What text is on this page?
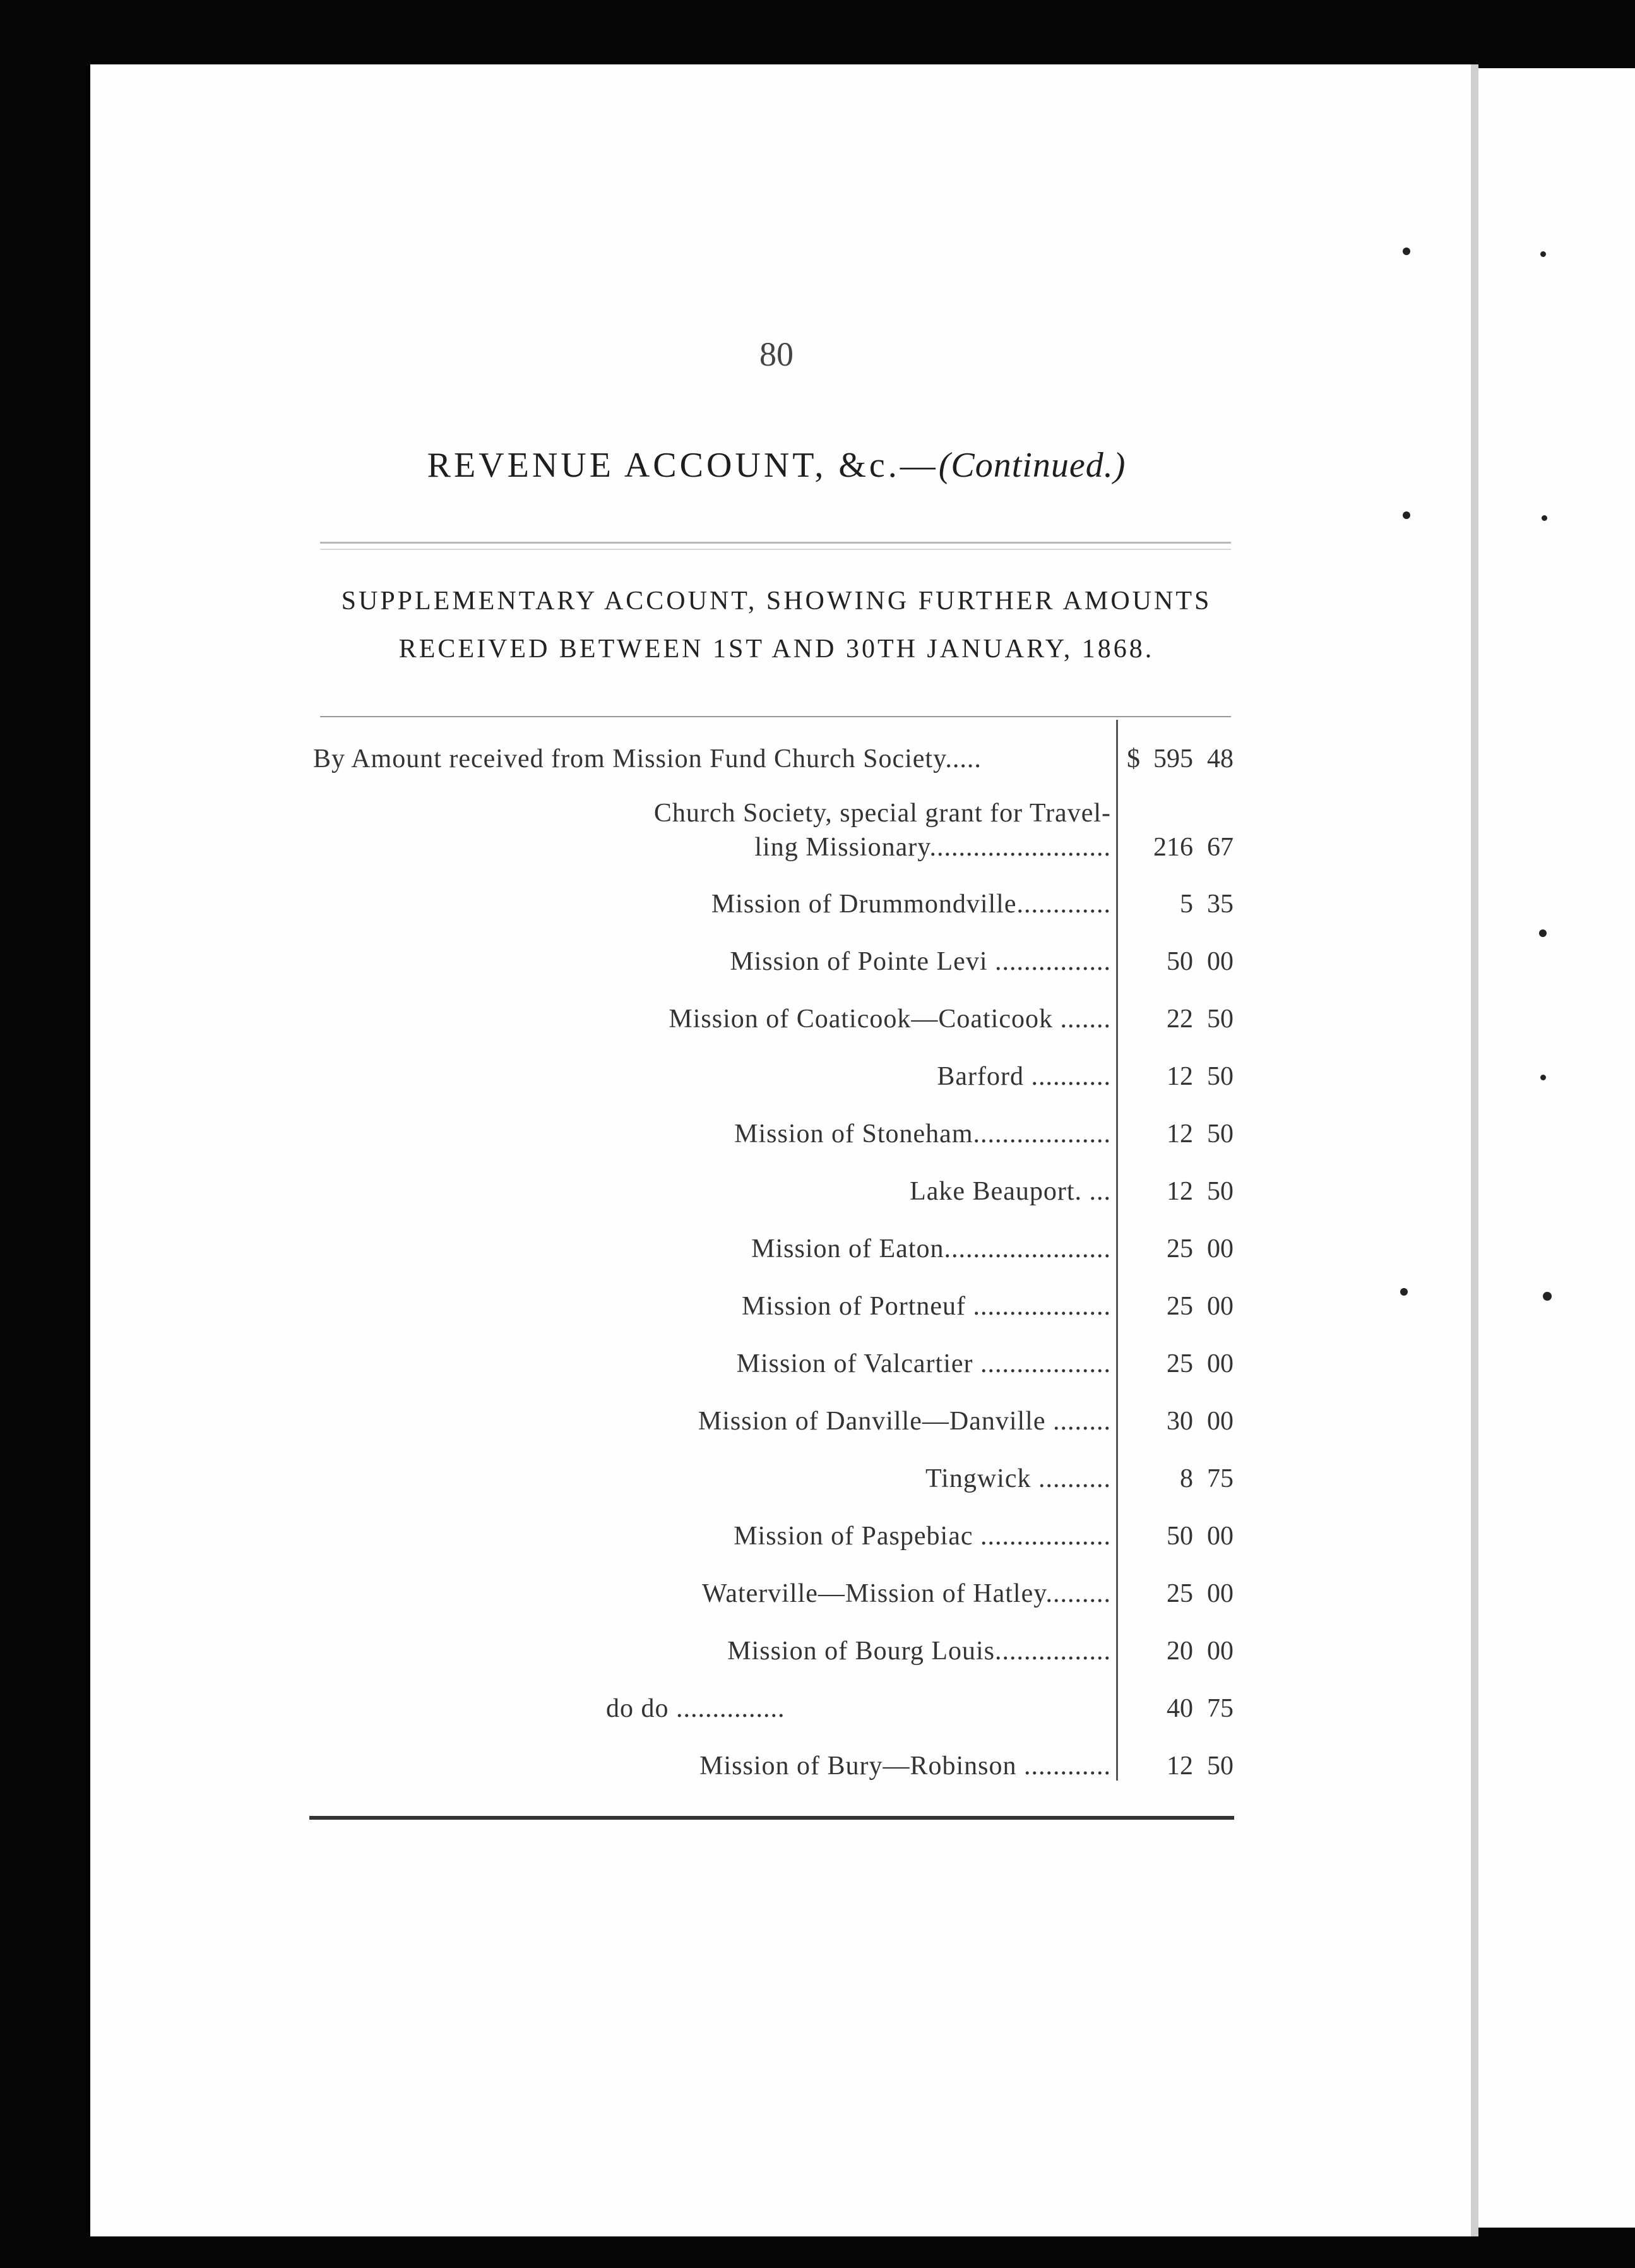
80
REVENUE ACCOUNT, &c.—(Continued.)
SUPPLEMENTARY ACCOUNT, SHOWING FURTHER AMOUNTS
RECEIVED BETWEEN 1ST AND 30TH JANUARY, 1868.
By Amount received from Mission Fund Church Society.....	$ 595 48
Church Society, special grant for Travel-
ling Missionary.........................	216 67
Mission of Drummondville.............	5 35
Mission of Pointe Levi ................	50 00
Mission of Coaticook—Coaticook .......	22 50
Barford ...........	12 50
Mission of Stoneham...................	12 50
Lake Beauport. ...	12 50
Mission of Eaton.......................	25 00
Mission of Portneuf ...................	25 00
Mission of Valcartier ..................	25 00
Mission of Danville—Danville ........	30 00
Tingwick ..........	8 75
Mission of Paspebiac ..................	50 00
Waterville—Mission of Hatley.........	25 00
Mission of Bourg Louis................	20 00
do do ...............	40 75
Mission of Bury—Robinson ............	12 50
